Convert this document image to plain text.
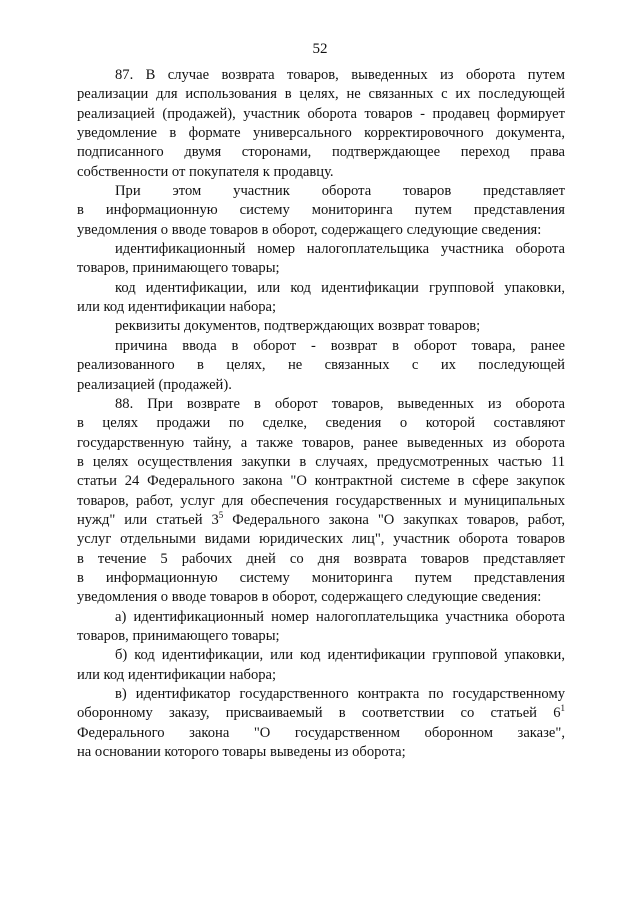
52
87. В случае возврата товаров, выведенных из оборота путем
реализации для использования в целях, не связанных с их последующей
реализацией (продажей), участник оборота товаров - продавец формирует
уведомление в формате универсального корректировочного документа,
подписанного двумя сторонами, подтверждающее переход права
собственности от покупателя к продавцу.
При этом участник оборота товаров представляет
в информационную систему мониторинга путем представления
уведомления о вводе товаров в оборот, содержащего следующие сведения:
идентификационный номер налогоплательщика участника оборота
товаров, принимающего товары;
код идентификации, или код идентификации групповой упаковки,
или код идентификации набора;
реквизиты документов, подтверждающих возврат товаров;
причина ввода в оборот - возврат в оборот товара, ранее
реализованного в целях, не связанных с их последующей
реализацией (продажей).
88. При возврате в оборот товаров, выведенных из оборота
в целях продажи по сделке, сведения о которой составляют
государственную тайну, а также товаров, ранее выведенных из оборота
в целях осуществления закупки в случаях, предусмотренных частью 11
статьи 24 Федерального закона "О контрактной системе в сфере закупок
товаров, работ, услуг для обеспечения государственных и муниципальных
нужд" или статьей $3^5$ Федерального закона "О закупках товаров, работ,
услуг отдельными видами юридических лиц", участник оборота товаров
в течение 5 рабочих дней со дня возврата товаров представляет
в информационную систему мониторинга путем представления
уведомления о вводе товаров в оборот, содержащего следующие сведения:
а) идентификационный номер налогоплательщика участника оборота
товаров, принимающего товары;
б) код идентификации, или код идентификации групповой упаковки,
или код идентификации набора;
в) идентификатор государственного контракта по государственному
оборонному заказу, присваиваемый в соответствии со статьей $6^1$
Федерального закона "О государственном оборонном заказе",
на основании которого товары выведены из оборота;
